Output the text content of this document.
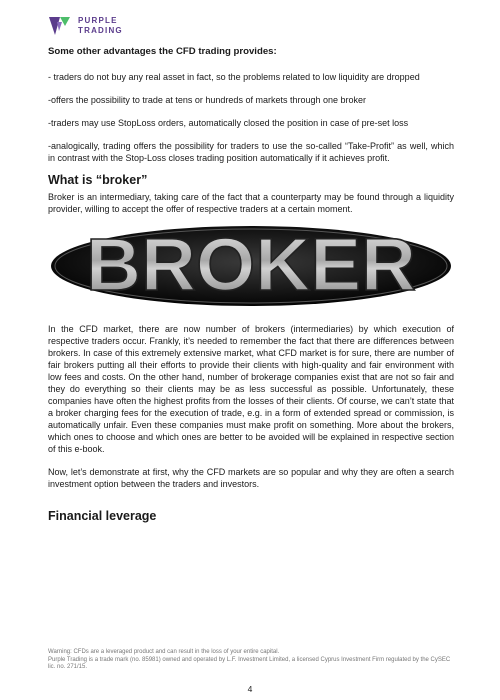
PURPLE
TRADING
Some other advantages the CFD trading provides:

- traders do not buy any real asset in fact, so the problems related to low liquidity are dropped

-offers the possibility to trade at tens or hundreds of markets through one broker

-traders may use StopLoss orders, automatically closed the position in case of pre-set loss

-analogically, trading offers the possibility for traders to use the so-called “Take-Profit” as well, which in contrast with the Stop-Loss closes trading position automatically if it achieves profit.

What is “broker”

Broker is an intermediary, taking care of the fact that a counterparty may be found through a liquidity provider, willing to accept the offer of respective traders at a certain moment.

BROKER

In the CFD market, there are now number of brokers (intermediaries) by which execution of respective traders occur. Frankly, it’s needed to remember the fact that there are differences between brokers. In case of this extremely extensive market, what CFD market is for sure, there are number of fair brokers putting all their efforts to provide their clients with high-quality and fair environment with low fees and costs. On the other hand, number of brokerage companies exist that are not so fair and they do everything so their clients may be as less successful as possible. Unfortunately, these companies have often the highest profits from the losses of their clients. Of course, we can’t state that a broker charging fees for the execution of trade, e.g. in a form of extended spread or commission, is automatically unfair. Even these companies must make profit on something. More about the brokers, which ones to choose and which ones are better to be avoided will be explained in respective section of this e-book.

Now, let’s demonstrate at first, why the CFD markets are so popular and why they are often a search investment option between the traders and investors.

Financial leverage
Warning: CFDs are a leveraged product and can result in the loss of your entire capital.
Purple Trading is a trade mark (no. 85981) owned and operated by L.F. Investment Limited, a licensed Cyprus Investment Firm regulated by the CySEC lic. no. 271/15.
4
